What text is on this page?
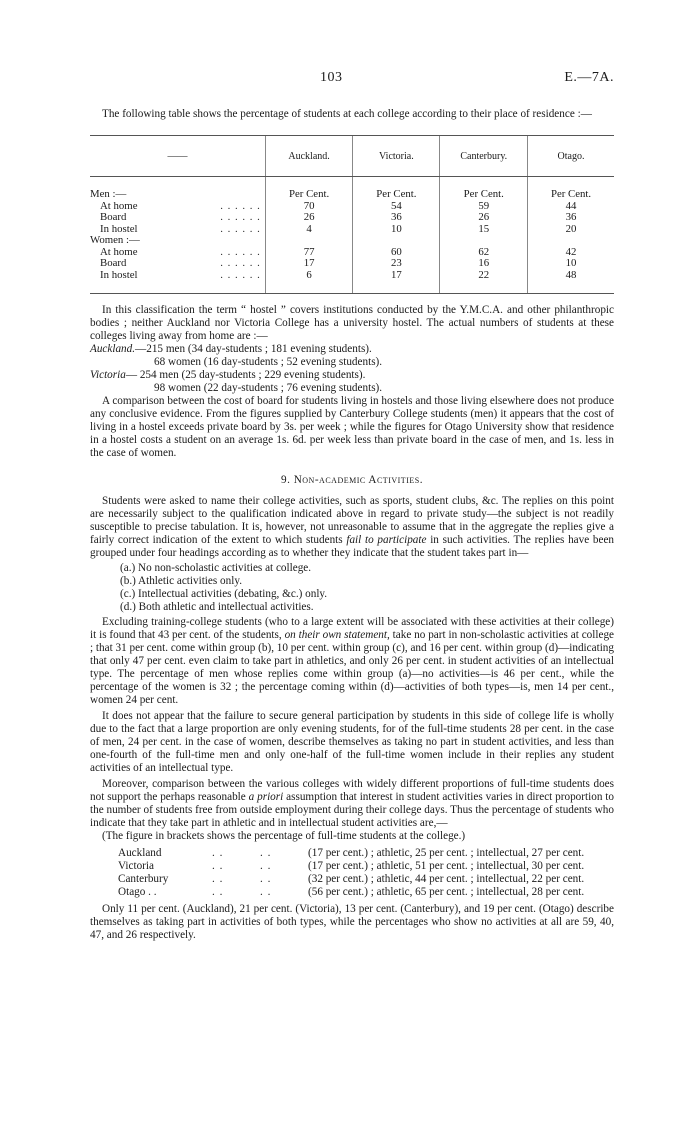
103	E.—7A.

The following table shows the percentage of students at each college according to their place of residence :—

——	Auckland.	Victoria.	Canterbury.	Otago.
Men :—	Per Cent.	Per Cent.	Per Cent.	Per Cent.
At home . . . . . .	70	54	59	44
Board . . . . . .	26	36	26	36
In hostel . . . . . .	4	10	15	20
Women :—				
At home . . . . . .	77	60	62	42
Board . . . . . .	17	23	16	10
In hostel . . . . . .	6	17	22	48

In this classification the term “ hostel ” covers institutions conducted by the Y.M.C.A. and other philanthropic bodies ; neither Auckland nor Victoria College has a university hostel. The actual numbers of students at these colleges living away from home are :—

Auckland.—215 men (34 day-students ; 181 evening students).
68 women (16 day-students ; 52 evening students).
Victoria— 254 men (25 day-students ; 229 evening students).
98 women (22 day-students ; 76 evening students).

A comparison between the cost of board for students living in hostels and those living elsewhere does not produce any conclusive evidence. From the figures supplied by Canterbury College students (men) it appears that the cost of living in a hostel exceeds private board by 3s. per week ; while the figures for Otago University show that residence in a hostel costs a student on an average 1s. 6d. per week less than private board in the case of men, and 1s. less in the case of women.

9. Non-academic Activities.

Students were asked to name their college activities, such as sports, student clubs, &c. The replies on this point are necessarily subject to the qualification indicated above in regard to private study—the subject is not readily susceptible to precise tabulation. It is, however, not unreasonable to assume that in the aggregate the replies give a fairly correct indication of the extent to which students fail to participate in such activities. The replies have been grouped under four headings according as to whether they indicate that the student takes part in—

(a.) No non-scholastic activities at college.
(b.) Athletic activities only.
(c.) Intellectual activities (debating, &c.) only.
(d.) Both athletic and intellectual activities.

Excluding training-college students (who to a large extent will be associated with these activities at their college) it is found that 43 per cent. of the students, on their own statement, take no part in non-scholastic activities at college ; that 31 per cent. come within group (b), 10 per cent. within group (c), and 16 per cent. within group (d)—indicating that only 47 per cent. even claim to take part in athletics, and only 26 per cent. in student activities of an intellectual type. The percentage of men whose replies come within group (a)—no activities—is 46 per cent., while the percentage of the women is 32 ; the percentage coming within (d)—activities of both types—is, men 14 per cent., women 24 per cent.

It does not appear that the failure to secure general participation by students in this side of college life is wholly due to the fact that a large proportion are only evening students, for of the full-time students 28 per cent. in the case of men, 24 per cent. in the case of women, describe themselves as taking no part in student activities, and less than one-fourth of the full-time men and only one-half of the full-time women include in their replies any student activities of an intellectual type.

Moreover, comparison between the various colleges with widely different proportions of full-time students does not support the perhaps reasonable a priori assumption that interest in student activities varies in direct proportion to the number of students free from outside employment during their college days. Thus the percentage of students who indicate that they take part in athletic and in intellectual student activities are,—

(The figure in brackets shows the percentage of full-time students at the college.)

Auckland	. .	. .	(17 per cent.) ; athletic, 25 per cent. ; intellectual, 27 per cent.
Victoria	. .	. .	(17 per cent.) ; athletic, 51 per cent. ; intellectual, 30 per cent.
Canterbury	. .	. .	(32 per cent.) ; athletic, 44 per cent. ; intellectual, 22 per cent.
Otago . .	. .	. .	(56 per cent.) ; athletic, 65 per cent. ; intellectual, 28 per cent.

Only 11 per cent. (Auckland), 21 per cent. (Victoria), 13 per cent. (Canterbury), and 19 per cent. (Otago) describe themselves as taking part in activities of both types, while the percentages who show no activities at all are 59, 40, 47, and 26 respectively.
